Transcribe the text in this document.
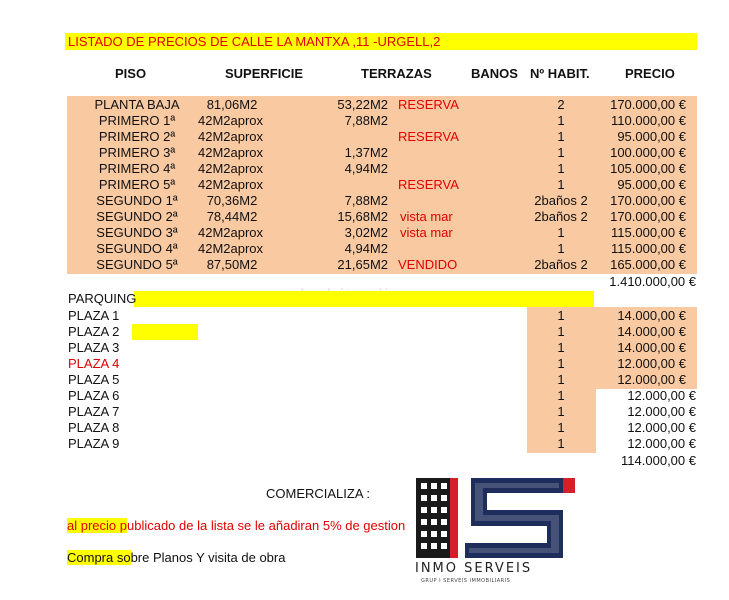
LISTADO DE PRECIOS DE CALLE LA MANTXA ,11 -URGELL,2
PISO	SUPERFICIE	TERRAZAS	BANOS Nº HABIT.	PRECIO
PLANTA BAJA	81,06M2	53,22M2 RESERVA	2	170.000,00 €
PRIMERO 1ª	42M2aprox	7,88M2	1	110.000,00 €
PRIMERO 2ª	42M2aprox	RESERVA	1	95.000,00 €
PRIMERO 3ª	42M2aprox	1,37M2	1	100.000,00 €
PRIMERO 4ª	42M2aprox	4,94M2	1	105.000,00 €
PRIMERO 5ª	42M2aprox	RESERVA	1	95.000,00 €
SEGUNDO 1ª	70,36M2	7,88M2	2baños 2	170.000,00 €
SEGUNDO 2ª	78,44M2	15,68M2 vista mar	2baños 2	170.000,00 €
SEGUNDO 3ª	42M2aprox	3,02M2 vista mar	1	115.000,00 €
SEGUNDO 4ª	42M2aprox	4,94M2	1	115.000,00 €
SEGUNDO 5ª	87,50M2	21,65M2 VENDIDO	2baños 2	165.000,00 €
1.410.000,00 €
PARQUING
PLAZA 1	1	14.000,00 €
PLAZA 2	1	14.000,00 €
PLAZA 3	1	14.000,00 €
PLAZA 4	1	12.000,00 €
PLAZA 5	1	12.000,00 €
PLAZA 6	1	12.000,00 €
PLAZA 7	1	12.000,00 €
PLAZA 8	1	12.000,00 €
PLAZA 9	1	12.000,00 €
114.000,00 €
COMERCIALIZA :
al precio publicado de la lista se le añadiran 5% de gestion
Compra sobre Planos Y visita de obra
INMO SERVEIS
GRUP I SERVEIS IMMOBILIARIS
